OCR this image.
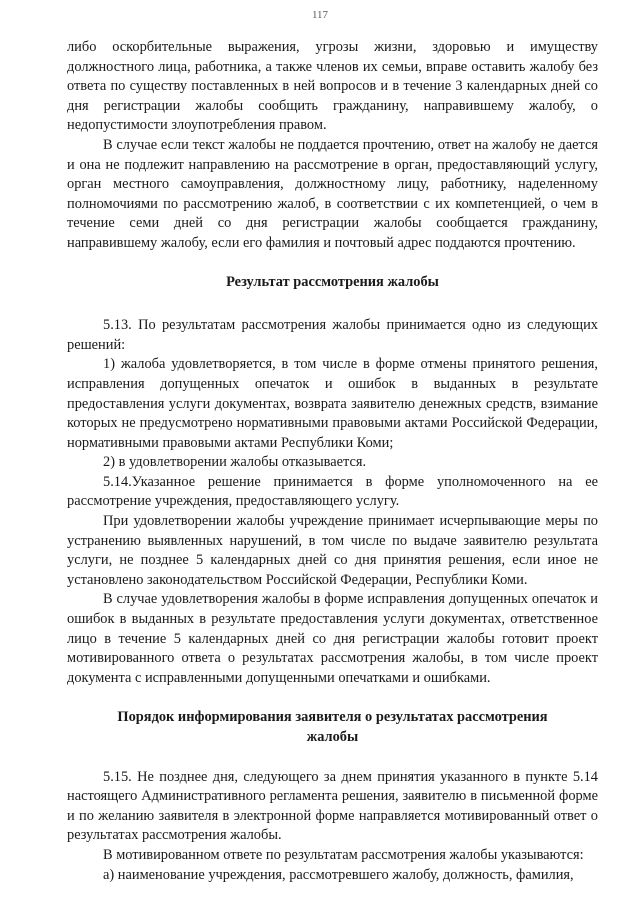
117

либо оскорбительные выражения, угрозы жизни, здоровью и имуществу должностного лица, работника, а также членов их семьи, вправе оставить жалобу без ответа по существу поставленных в ней вопросов и в течение 3 календарных дней со дня регистрации жалобы сообщить гражданину, направившему жалобу, о недопустимости злоупотребления правом.

В случае если текст жалобы не поддается прочтению, ответ на жалобу не дается и она не подлежит направлению на рассмотрение в орган, предоставляющий услугу, орган местного самоуправления, должностному лицу, работнику, наделенному полномочиями по рассмотрению жалоб, в соответствии с их компетенцией, о чем в течение семи дней со дня регистрации жалобы сообщается гражданину, направившему жалобу, если его фамилия и почтовый адрес поддаются прочтению.

Результат рассмотрения жалобы

5.13. По результатам рассмотрения жалобы принимается одно из следующих решений:

1) жалоба удовлетворяется, в том числе в форме отмены принятого решения, исправления допущенных опечаток и ошибок в выданных в результате предоставления услуги документах, возврата заявителю денежных средств, взимание которых не предусмотрено нормативными правовыми актами Российской Федерации, нормативными правовыми актами Республики Коми;

2) в удовлетворении жалобы отказывается.

5.14.Указанное решение принимается в форме уполномоченного на ее рассмотрение учреждения, предоставляющего услугу.

При удовлетворении жалобы учреждение принимает исчерпывающие меры по устранению выявленных нарушений, в том числе по выдаче заявителю результата услуги, не позднее 5 календарных дней со дня принятия решения, если иное не установлено законодательством Российской Федерации, Республики Коми.

В случае удовлетворения жалобы в форме исправления допущенных опечаток и ошибок в выданных в результате предоставления услуги документах, ответственное лицо в течение 5 календарных дней со дня регистрации жалобы готовит проект мотивированного ответа о результатах рассмотрения жалобы, в том числе проект документа с исправленными допущенными опечатками и ошибками.

Порядок информирования заявителя о результатах рассмотрения
жалобы

5.15. Не позднее дня, следующего за днем принятия указанного в пункте 5.14 настоящего Административного регламента решения, заявителю в письменной форме и по желанию заявителя в электронной форме направляется мотивированный ответ о результатах рассмотрения жалобы.

В мотивированном ответе по результатам рассмотрения жалобы указываются:

а) наименование учреждения, рассмотревшего жалобу, должность, фамилия,
